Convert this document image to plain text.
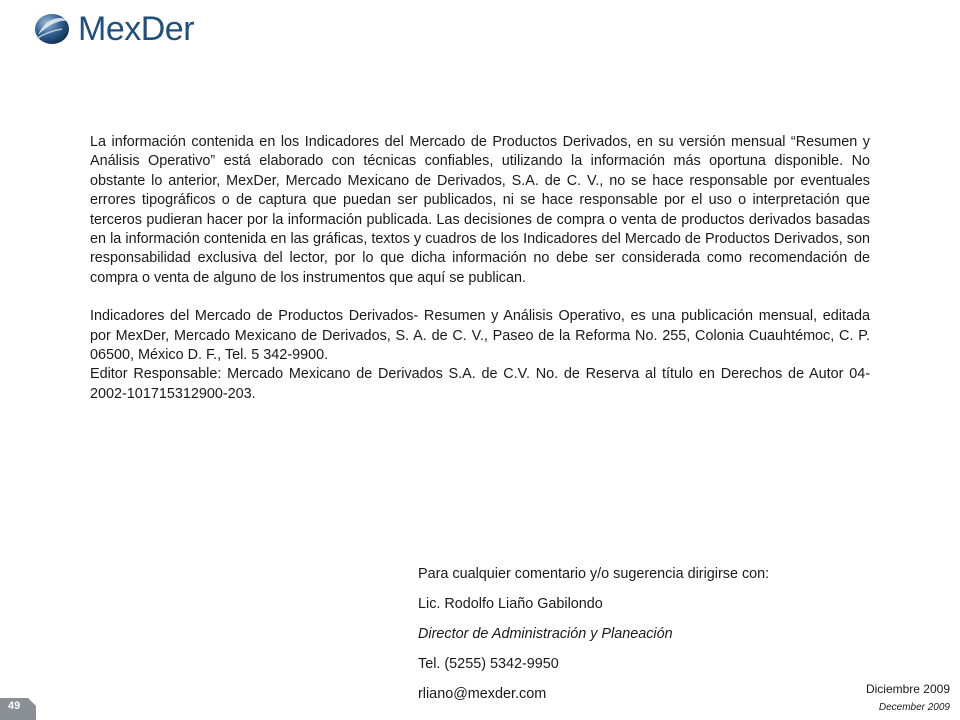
MexDer

La información contenida en los Indicadores del Mercado de Productos Derivados, en su versión mensual “Resumen y Análisis Operativo” está elaborado con técnicas confiables, utilizando la información más oportuna disponible. No obstante lo anterior, MexDer, Mercado Mexicano de Derivados, S.A. de C. V., no se hace responsable por eventuales errores tipográficos o de captura que puedan ser publicados, ni se hace responsable por el uso o interpretación que terceros pudieran hacer por la información publicada. Las decisiones de compra o venta de productos derivados basadas en la información contenida en las gráficas, textos y cuadros de los Indicadores del Mercado de Productos Derivados, son responsabilidad exclusiva del lector, por lo que dicha información no debe ser considerada como recomendación de compra o venta de alguno de los instrumentos que aquí se publican.

Indicadores del Mercado de Productos Derivados- Resumen y Análisis Operativo, es una publicación mensual, editada por MexDer, Mercado Mexicano de Derivados, S. A. de C. V., Paseo de la Reforma No. 255, Colonia Cuauhtémoc, C. P. 06500, México D. F., Tel. 5 342-9900.

Editor Responsable: Mercado Mexicano de Derivados S.A. de C.V. No. de Reserva al título en Derechos de Autor 04-2002-101715312900-203.

Para cualquier comentario y/o sugerencia dirigirse con:
Lic. Rodolfo Liaño Gabilondo
Director de Administración y Planeación
Tel. (5255) 5342-9950
rliano@mexder.com	Diciembre 2009
December 2009
49
